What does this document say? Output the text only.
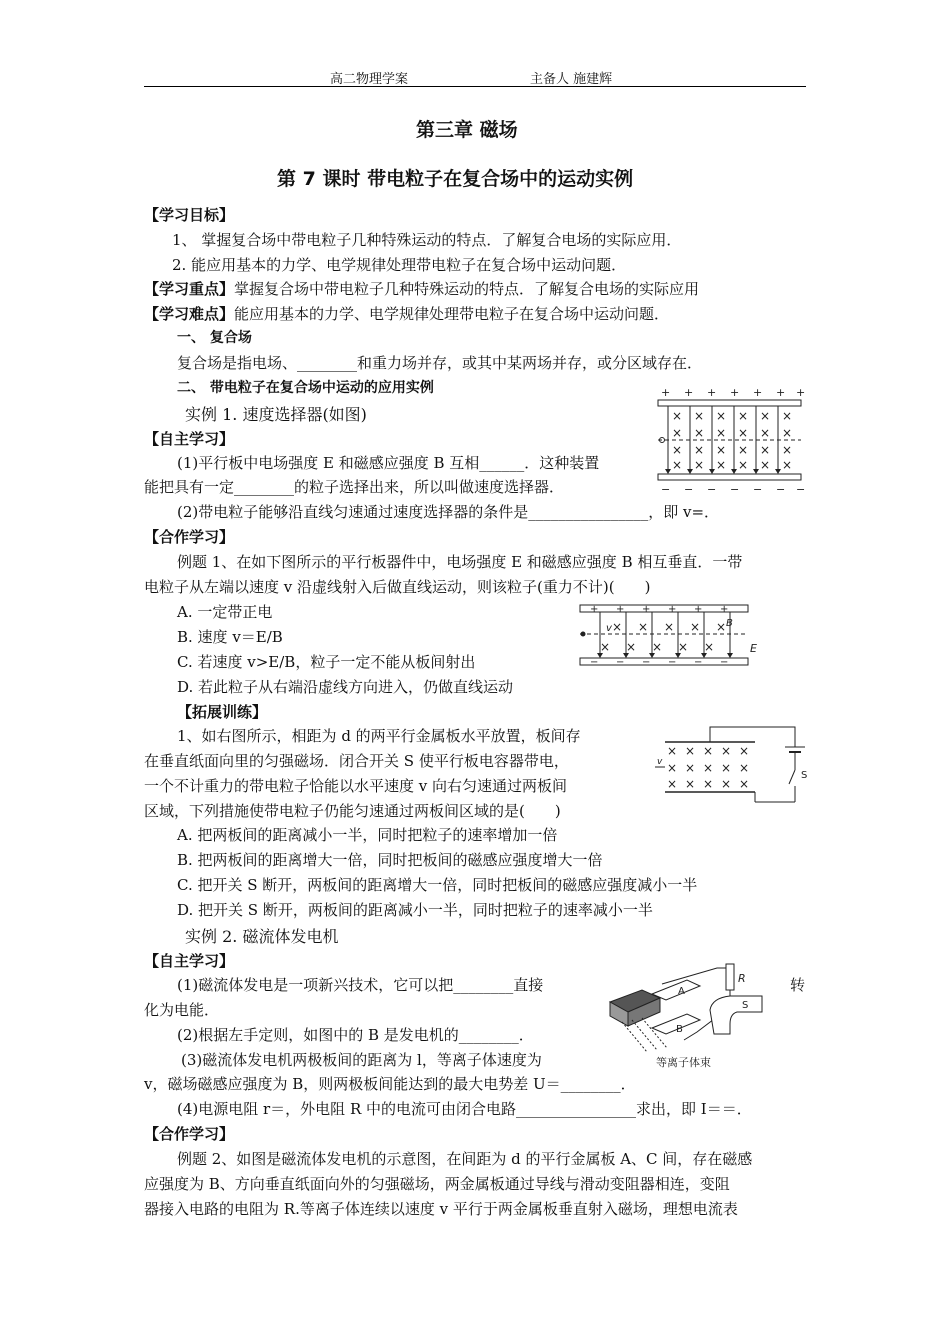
高二物理学案	主备人 施建辉
第三章 磁场
第 7 课时 带电粒子在复合场中的运动实例
【学习目标】
1、 掌握复合场中带电粒子几种特殊运动的特点．了解复合电场的实际应用．
2. 能应用基本的力学、电学规律处理带电粒子在复合场中运动问题．
【学习重点】掌握复合场中带电粒子几种特殊运动的特点．了解复合电场的实际应用
【学习难点】能应用基本的力学、电学规律处理带电粒子在复合场中运动问题．
一、 复合场
复合场是指电场、________和重力场并存，或其中某两场并存，或分区域存在．
二、 带电粒子在复合场中运动的应用实例
实例 1. 速度选择器(如图)
【自主学习】
(1)平行板中电场强度 E 和磁感应强度 B 互相______．这种装置
能把具有一定________的粒子选择出来，所以叫做速度选择器．
(2)带电粒子能够沿直线匀速通过速度选择器的条件是________________，即 v=．
【合作学习】
例题 1、在如下图所示的平行板器件中，电场强度 E 和磁感应强度 B 相互垂直．一带
电粒子从左端以速度 v 沿虚线射入后做直线运动，则该粒子(重力不计)(　　)
A. 一定带正电
B. 速度 v＝E/B
C. 若速度 v>E/B，粒子一定不能从板间射出
D. 若此粒子从右端沿虚线方向进入，仍做直线运动
【拓展训练】
1、如右图所示，相距为 d 的两平行金属板水平放置，板间存
在垂直纸面向里的匀强磁场．闭合开关 S 使平行板电容器带电，
一个不计重力的带电粒子恰能以水平速度 v 向右匀速通过两板间
区域，下列措施使带电粒子仍能匀速通过两板间区域的是(　　)
A. 把两板间的距离减小一半，同时把粒子的速率增加一倍
B. 把两板间的距离增大一倍，同时把板间的磁感应强度增大一倍
C. 把开关 S 断开，两板间的距离增大一倍，同时把板间的磁感应强度减小一半
D. 把开关 S 断开，两板间的距离减小一半，同时把粒子的速率减小一半
实例 2. 磁流体发电机
【自主学习】
(1)磁流体发电是一项新兴技术，它可以把________直接	转
化为电能．
(2)根据左手定则，如图中的 B 是发电机的________．
(3)磁流体发电机两极板间的距离为 l，等离子体速度为
v，磁场磁感应强度为 B，则两极板间能达到的最大电势差 U＝________．
(4)电源电阻 r＝，外电阻 R 中的电流可由闭合电路________________求出，即 I＝＝．
【合作学习】
例题 2、如图是磁流体发电机的示意图，在间距为 d 的平行金属板 A、C 间，存在磁感
应强度为 B、方向垂直纸面向外的匀强磁场，两金属板通过导线与滑动变阻器相连，变阻
器接入电路的电阻为 R.等离子体连续以速度 v 平行于两金属板垂直射入磁场，理想电流表
+ + + + + + +
× × × × × ×
× × × × × ×
× × × × × ×
× × × × × ×
− − − − − − −
+ + + + + +
− − − − − −
× × × × ×
× × × × ×
v	B
E
× × × × ×
× × × × ×
× × × × ×
v
S
R
A
B
S
等离子体束
